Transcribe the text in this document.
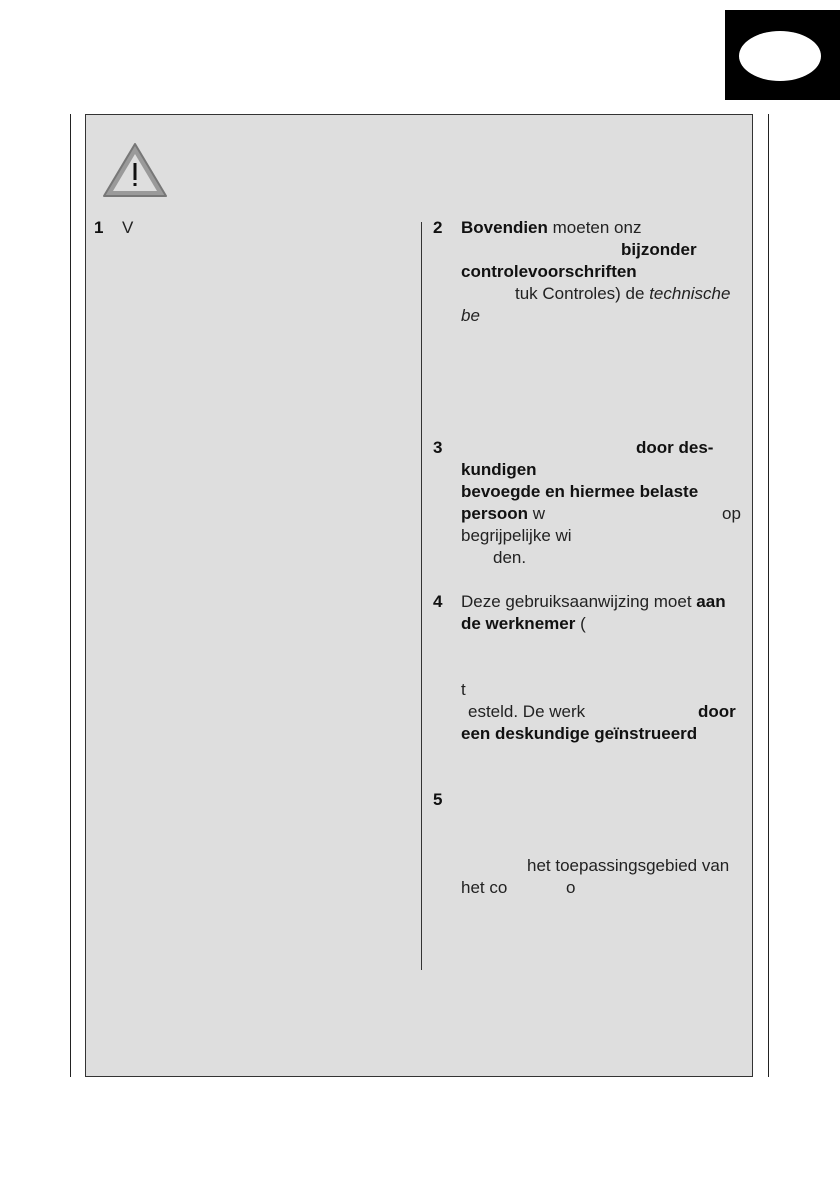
1 V	2 Bovendien moeten onz
bijzonder
controlevoorschriften
tuk Controles) de technische
be
3	door des-
kundigen
bevoegde en hiermee belaste
persoon w	op
begrijpelijke wi
den.
4 Deze gebruiksaanwijzing moet aan
de werknemer (
t
esteld. De werk	door
een deskundige geïnstrueerd
5
het toepassingsgebied van
het co	o
